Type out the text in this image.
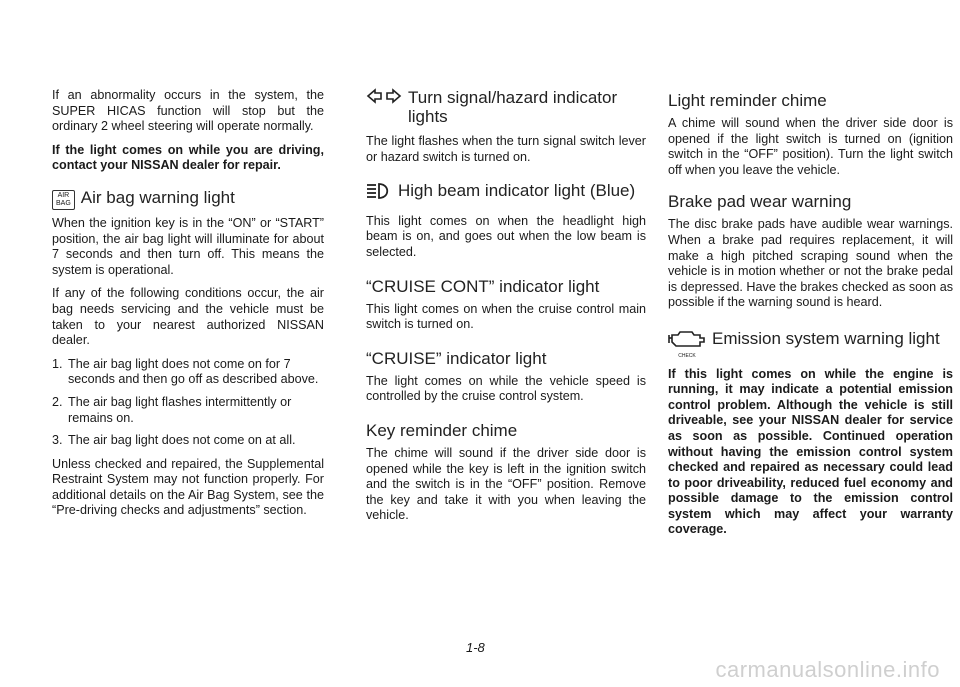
If an abnormality occurs in the system, the SUPER HICAS function will stop but the ordinary 2 wheel steering will operate normally.

If the light comes on while you are driving, contact your NISSAN dealer for repair.

AIR
BAG Air bag warning light

When the ignition key is in the “ON” or “START” position, the air bag light will illuminate for about 7 seconds and then turn off. This means the system is operational.

If any of the following conditions occur, the air bag needs servicing and the vehicle must be taken to your nearest authorized NISSAN dealer.

1. The air bag light does not come on for 7 seconds and then go off as described above.
2. The air bag light flashes intermittently or remains on.
3. The air bag light does not come on at all.

Unless checked and repaired, the Supplemental Restraint System may not function properly. For additional details on the Air Bag System, see the “Pre-driving checks and adjustments” section.

Turn signal/hazard indicator lights

The light flashes when the turn signal switch lever or hazard switch is turned on.

High beam indicator light (Blue)

This light comes on when the headlight high beam is on, and goes out when the low beam is selected.

“CRUISE CONT” indicator light

This light comes on when the cruise control main switch is turned on.

“CRUISE” indicator light

The light comes on while the vehicle speed is controlled by the cruise control system.

Key reminder chime

The chime will sound if the driver side door is opened while the key is left in the ignition switch and the switch is in the “OFF” position. Remove the key and take it with you when leaving the vehicle.

Light reminder chime

A chime will sound when the driver side door is opened if the light switch is turned on (ignition switch in the “OFF” position). Turn the light switch off when you leave the vehicle.

Brake pad wear warning

The disc brake pads have audible wear warnings. When a brake pad requires replacement, it will make a high pitched scraping sound when the vehicle is in motion whether or not the brake pedal is depressed. Have the brakes checked as soon as possible if the warning sound is heard.

CHECK
Emission system warning light

If this light comes on while the engine is running, it may indicate a potential emission control problem. Although the vehicle is still driveable, see your NISSAN dealer for service as soon as possible. Continued operation without having the emission control system checked and repaired as necessary could lead to poor driveability, reduced fuel economy and possible damage to the emission control system which may affect your warranty coverage.

1-8
carmanualsonline.info
